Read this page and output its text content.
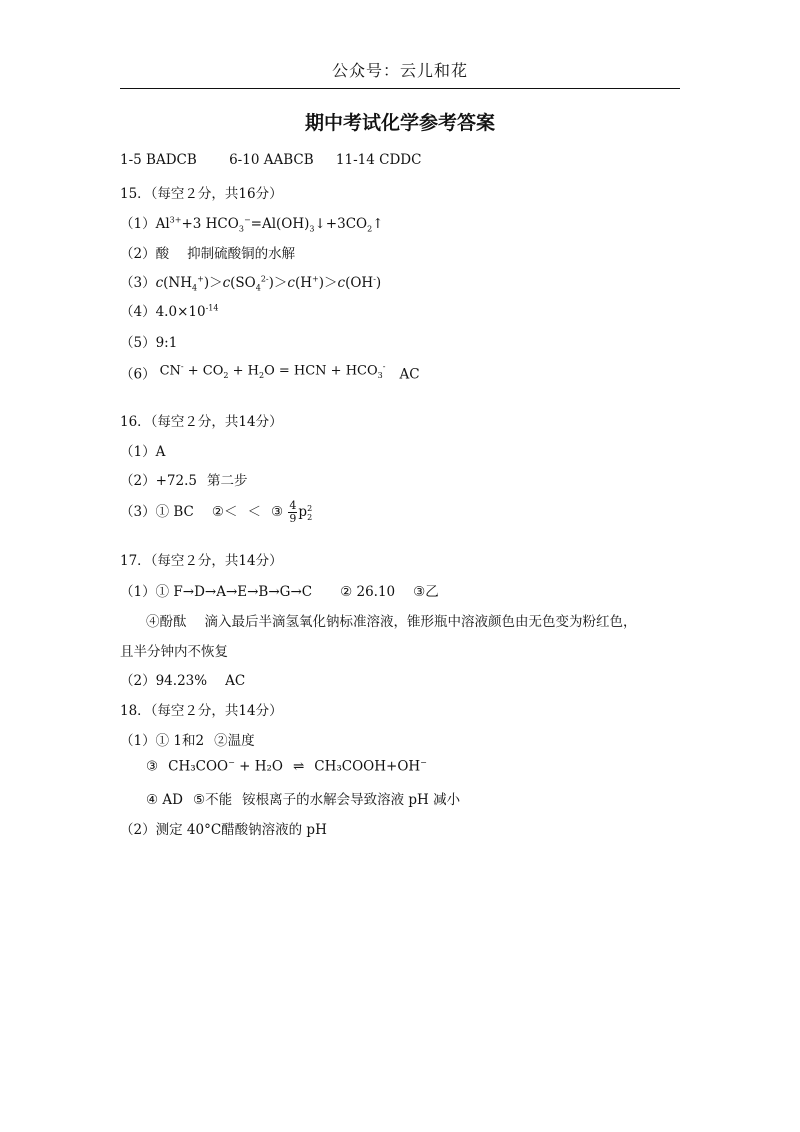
公众号：云儿和花
期中考试化学参考答案
1-5 BADCB 6-10 AABCB 11-14 CDDC
15．（每空２分，共16分）
$(1)Al^{3+}+3$ $HCO_3^-=Al(OH)_3↓+3CO_2↑$
（2）酸 抑制硫酸铜的水解
$(3)c(NH_4^+)>c(SO_4^{2-})>c(H^+)>c(OH^-)$
$(4)4.0\times 10^{-14}$
（5）9:1
（6） $CN^- + CO_2 + H_2O$ = HCN + $HCO_3^-$ AC
16．（每空２分，共14分）
（1）A
（2）+72.5 第二步
（3）① BC ②＜ ＜ ③ $\frac{4}{9}$ p 2
2
17．（每空２分，共14分）
（1）① F→D→A→E→B→G→C ② 26.10 ③乙
④酚酞 滴入最后半滴氢氧化钠标准溶液，锥形瓶中溶液颜色由无色变为粉红色，
且半分钟内不恢复
（2）94.23% AC
18．（每空２分，共14分）
（1）① 1和2 ②温度
③ CH₃COO− + H₂O ⇌ CH₃COOH+OH−
④ AD ⑤不能 铵根离子的水解会导致溶液 pH 减小
（2）测定 40°C醋酸钠溶液的 pH
